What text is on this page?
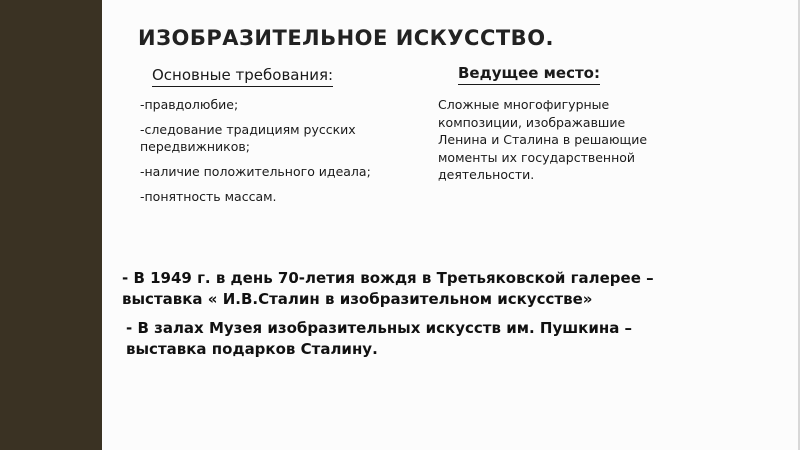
ИЗОБРАЗИТЕЛЬНОЕ ИСКУССТВО.
Основные требования:	Ведущее место:
-правдолюбие;
-следование традициям русских передвижников;
-наличие положительного идеала;
-понятность массам.
Сложные многофигурные композиции, изображавшие Ленина и Сталина в решающие моменты их государственной деятельности.
- В 1949 г. в день 70-летия вождя в Третьяковской галерее – выставка « И.В.Сталин в изобразительном искусстве»
- В залах Музея изобразительных искусств им. Пушкина – выставка подарков Сталину.
